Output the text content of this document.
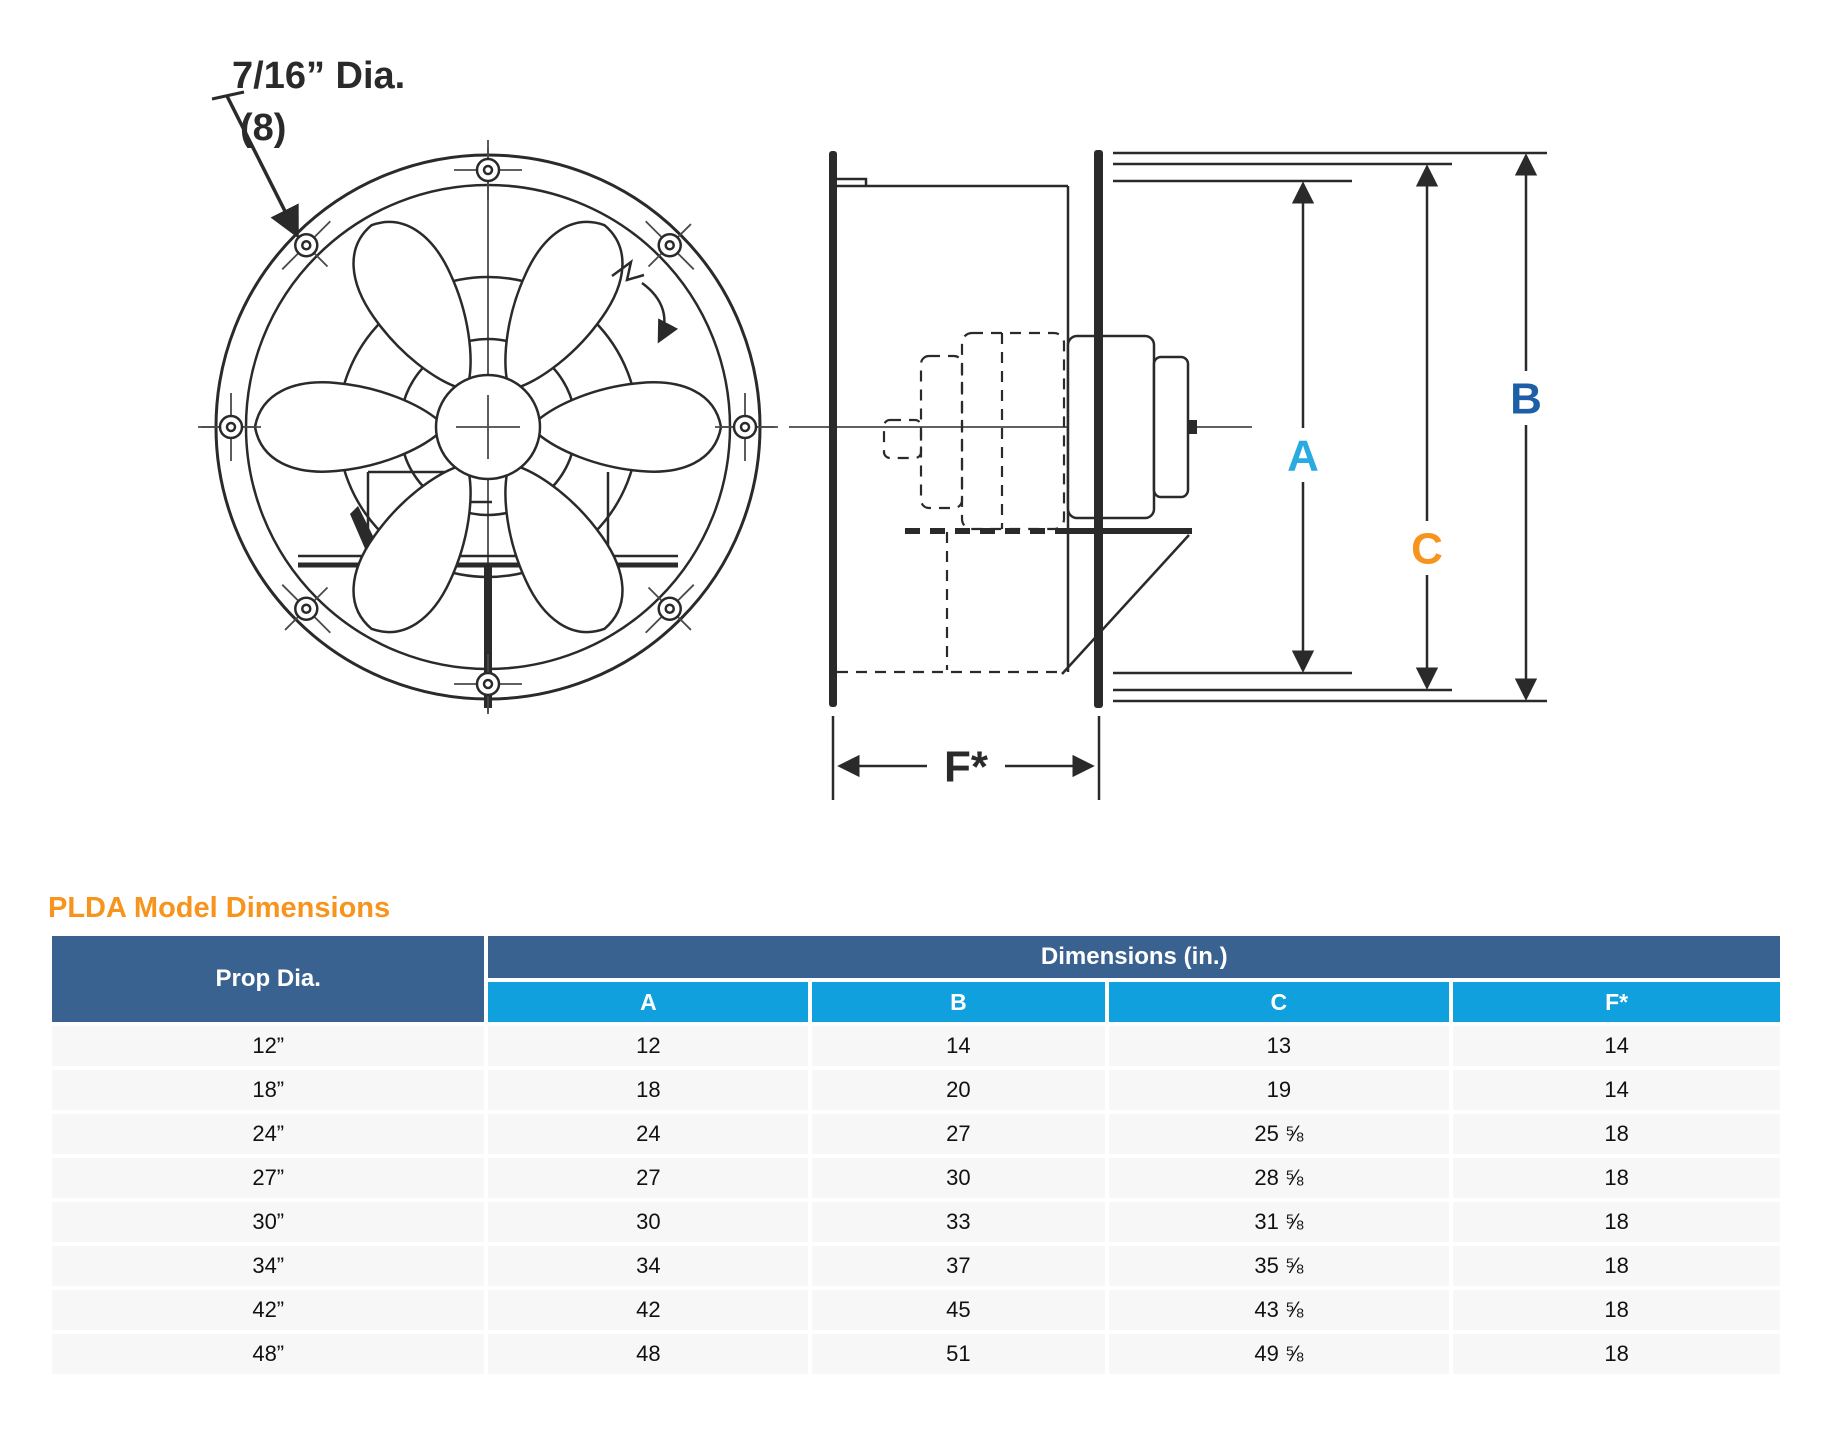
7/16” Dia.
(8)
A
C
B
F*
PLDA Model Dimensions
Prop Dia.	Dimensions (in.)			
	A	B	C	F*
12”	12	14	13	14
18”	18	20	19	14
24”	24	27	25 ⅝	18
27”	27	30	28 ⅝	18
30”	30	33	31 ⅝	18
34”	34	37	35 ⅝	18
42”	42	45	43 ⅝	18
48”	48	51	49 ⅝	18
